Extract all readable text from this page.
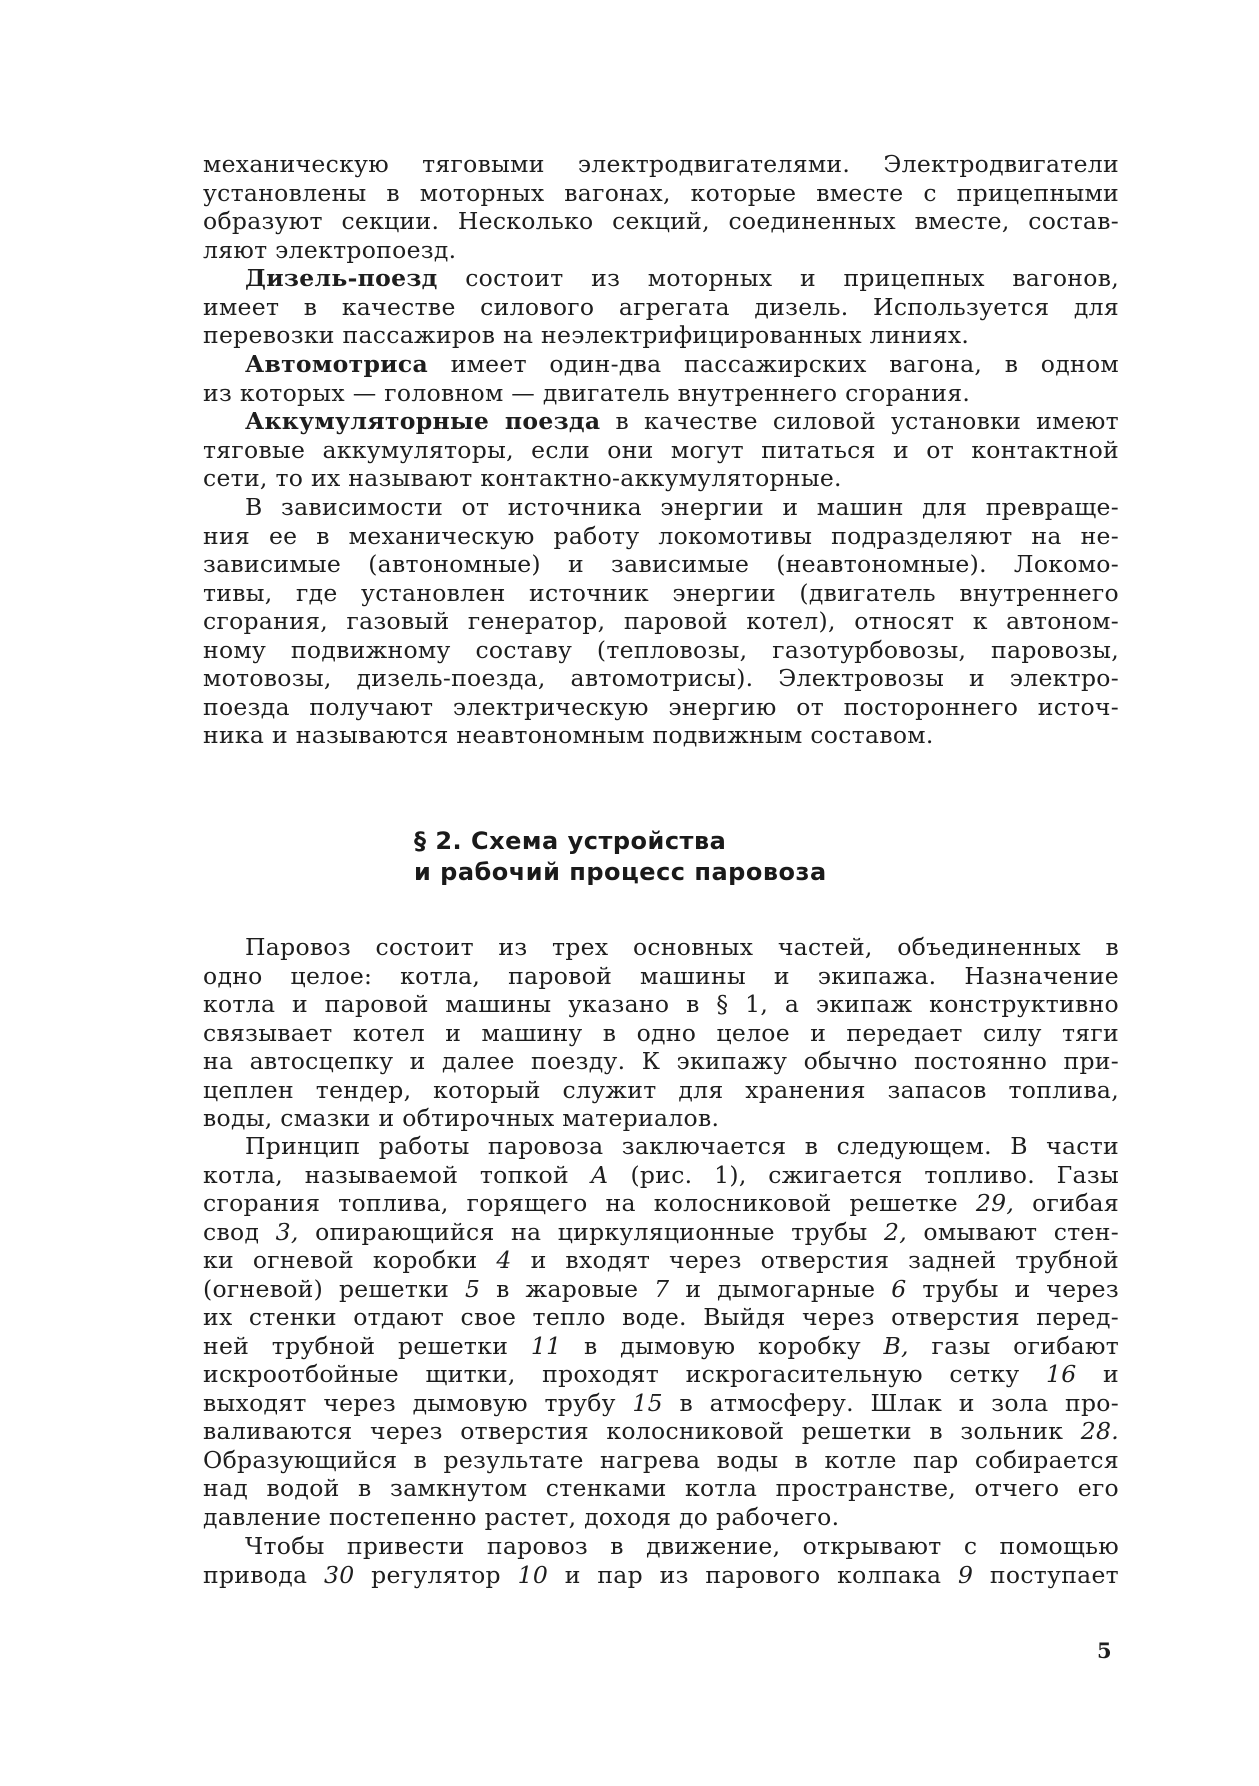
механическую тяговыми электродвигателями. Электродвигатели
установлены в моторных вагонах, которые вместе с прицепными
образуют секции. Несколько секций, соединенных вместе, состав-
ляют электропоезд.
Дизель-поезд состоит из моторных и прицепных вагонов,
имеет в качестве силового агрегата дизель. Используется для
перевозки пассажиров на неэлектрифицированных линиях.
Автомотриса имеет один-два пассажирских вагона, в одном
из которых — головном — двигатель внутреннего сгорания.
Аккумуляторные поезда в качестве силовой установки имеют
тяговые аккумуляторы, если они могут питаться и от контактной
сети, то их называют контактно-аккумуляторные.
В зависимости от источника энергии и машин для превраще-
ния ее в механическую работу локомотивы подразделяют на не-
зависимые (автономные) и зависимые (неавтономные). Локомо-
тивы, где установлен источник энергии (двигатель внутреннего
сгорания, газовый генератор, паровой котел), относят к автоном-
ному подвижному составу (тепловозы, газотурбовозы, паровозы,
мотовозы, дизель-поезда, автомотрисы). Электровозы и электро-
поезда получают электрическую энергию от постороннего источ-
ника и называются неавтономным подвижным составом.
§ 2. Схема устройства
и рабочий процесс паровоза
Паровоз состоит из трех основных частей, объединенных в
одно целое: котла, паровой машины и экипажа. Назначение
котла и паровой машины указано в § 1, а экипаж конструктивно
связывает котел и машину в одно целое и передает силу тяги
на автосцепку и далее поезду. К экипажу обычно постоянно при-
цеплен тендер, который служит для хранения запасов топлива,
воды, смазки и обтирочных материалов.
Принцип работы паровоза заключается в следующем. В части
котла, называемой топкой А (рис. 1), сжигается топливо. Газы
сгорания топлива, горящего на колосниковой решетке 29, огибая
свод 3, опирающийся на циркуляционные трубы 2, омывают стен-
ки огневой коробки 4 и входят через отверстия задней трубной
(огневой) решетки 5 в жаровые 7 и дымогарные 6 трубы и через
их стенки отдают свое тепло воде. Выйдя через отверстия перед-
ней трубной решетки 11 в дымовую коробку В, газы огибают
искроотбойные щитки, проходят искрогасительную сетку 16 и
выходят через дымовую трубу 15 в атмосферу. Шлак и зола про-
валиваются через отверстия колосниковой решетки в зольник 28.
Образующийся в результате нагрева воды в котле пар собирается
над водой в замкнутом стенками котла пространстве, отчего его
давление постепенно растет, доходя до рабочего.
Чтобы привести паровоз в движение, открывают с помощью
привода 30 регулятор 10 и пар из парового колпака 9 поступает
5
